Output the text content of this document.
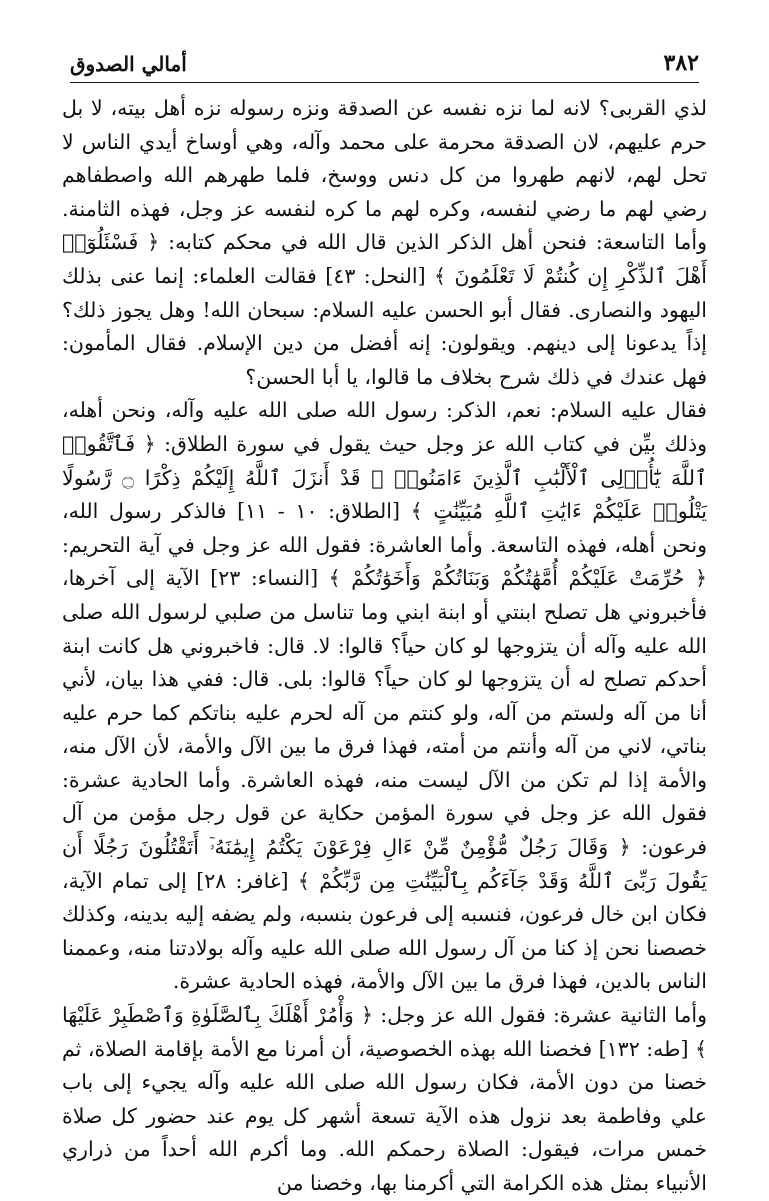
٣٨٢
أمالي الصدوق

لذي القربى؟ لانه لما نزه نفسه عن الصدقة ونزه رسوله نزه أهل بيته، لا بل حرم عليهم، لان الصدقة محرمة على محمد وآله، وهي أوساخ أيدي الناس لا تحل لهم، لانهم طهروا من كل دنس ووسخ، فلما طهرهم الله واصطفاهم رضي لهم ما رضي لنفسه، وكره لهم ما كره لنفسه عز وجل، فهذه الثامنة. وأما التاسعة: فنحن أهل الذكر الذين قال الله في محكم كتابه: ﴿ فَسْئَلُوٓا۟ أَهْلَ ٱلذِّكْرِ إِن كُنتُمْ لَا تَعْلَمُونَ ﴾ [النحل: ٤٣] فقالت العلماء: إنما عنى بذلك اليهود والنصارى. فقال أبو الحسن عليه السلام: سبحان الله! وهل يجوز ذلك؟ إذاً يدعونا إلى دينهم. ويقولون: إنه أفضل من دين الإسلام. فقال المأمون: فهل عندك في ذلك شرح بخلاف ما قالوا، يا أبا الحسن؟

فقال عليه السلام: نعم، الذكر: رسول الله صلى الله عليه وآله، ونحن أهله، وذلك بيِّن في كتاب الله عز وجل حيث يقول في سورة الطلاق: ﴿ فَٱتَّقُوا۟ ٱللَّهَ يَٰٓأُو۟لِى ٱلْأَلْبَٰبِ ٱلَّذِينَ ءَامَنُوا۟ ۚ قَدْ أَنزَلَ ٱللَّهُ إِلَيْكُمْ ذِكْرًا ۝ رَّسُولًا يَتْلُوا۟ عَلَيْكُمْ ءَايَٰتِ ٱللَّهِ مُبَيِّنَٰتٍ ﴾ [الطلاق: ١٠ - ١١] فالذكر رسول الله، ونحن أهله، فهذه التاسعة. وأما العاشرة: فقول الله عز وجل في آية التحريم: ﴿ حُرِّمَتْ عَلَيْكُمْ أُمَّهَٰتُكُمْ وَبَنَاتُكُمْ وَأَخَوَٰتُكُمْ ﴾ [النساء: ٢٣] الآية إلى آخرها، فأخبروني هل تصلح ابنتي أو ابنة ابني وما تناسل من صلبي لرسول الله صلى الله عليه وآله أن يتزوجها لو كان حياً؟ قالوا: لا. قال: فاخبروني هل كانت ابنة أحدكم تصلح له أن يتزوجها لو كان حياً؟ قالوا: بلى. قال: ففي هذا بيان، لأني أنا من آله ولستم من آله، ولو كنتم من آله لحرم عليه بناتكم كما حرم عليه بناتي، لاني من آله وأنتم من أمته، فهذا فرق ما بين الآل والأمة، لأن الآل منه، والأمة إذا لم تكن من الآل ليست منه، فهذه العاشرة. وأما الحادية عشرة: فقول الله عز وجل في سورة المؤمن حكاية عن قول رجل مؤمن من آل فرعون: ﴿ وَقَالَ رَجُلٌ مُّؤْمِنٌ مِّنْ ءَالِ فِرْعَوْنَ يَكْتُمُ إِيمَٰنَهُۥٓ أَتَقْتُلُونَ رَجُلًا أَن يَقُولَ رَبِّىَ ٱللَّهُ وَقَدْ جَآءَكُم بِٱلْبَيِّنَٰتِ مِن رَّبِّكُمْ ﴾ [غافر: ٢٨] إلى تمام الآية، فكان ابن خال فرعون، فنسبه إلى فرعون بنسبه، ولم يضفه إليه بدينه، وكذلك خصصنا نحن إذ كنا من آل رسول الله صلى الله عليه وآله بولادتنا منه، وعممنا الناس بالدين، فهذا فرق ما بين الآل والأمة، فهذه الحادية عشرة.

وأما الثانية عشرة: فقول الله عز وجل: ﴿ وَأْمُرْ أَهْلَكَ بِٱلصَّلَوٰةِ وَٱصْطَبِرْ عَلَيْهَا ﴾ [طه: ١٣٢] فخصنا الله بهذه الخصوصية، أن أمرنا مع الأمة بإقامة الصلاة، ثم خصنا من دون الأمة، فكان رسول الله صلى الله عليه وآله يجيء إلى باب علي وفاطمة بعد نزول هذه الآية تسعة أشهر كل يوم عند حضور كل صلاة خمس مرات، فيقول: الصلاة رحمكم الله. وما أكرم الله أحداً من ذراري الأنبياء بمثل هذه الكرامة التي أكرمنا بها، وخصنا من
